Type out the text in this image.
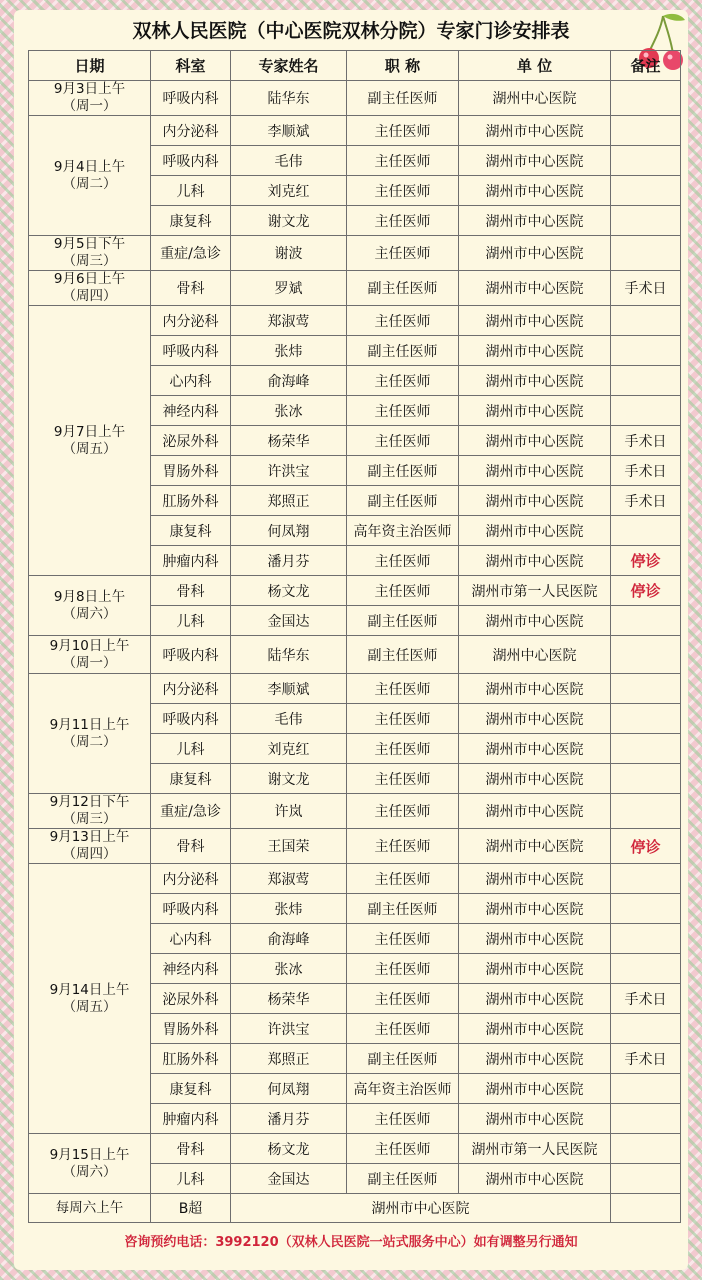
双林人民医院（中心医院双林分院）专家门诊安排表
日期	科室	专家姓名	职 称	单 位	备注

9月3日上午
（周一）	呼吸内科	陆华东	副主任医师	湖州中心医院	

9月4日上午
（周二）	内分泌科	李顺斌	主任医师	湖州市中心医院	
	呼吸内科	毛伟	主任医师	湖州市中心医院	
	儿科	刘克红	主任医师	湖州市中心医院	
	康复科	谢文龙	主任医师	湖州市中心医院	

9月5日下午
（周三）	重症/急诊	谢波	主任医师	湖州市中心医院	

9月6日上午
（周四）	骨科	罗斌	副主任医师	湖州市中心医院	手术日

9月7日上午
（周五）	内分泌科	郑淑莺	主任医师	湖州市中心医院	
	呼吸内科	张炜	副主任医师	湖州市中心医院	
	心内科	俞海峰	主任医师	湖州市中心医院	
	神经内科	张冰	主任医师	湖州市中心医院	
	泌尿外科	杨荣华	主任医师	湖州市中心医院	手术日
	胃肠外科	许洪宝	副主任医师	湖州市中心医院	手术日
	肛肠外科	郑照正	副主任医师	湖州市中心医院	手术日
	康复科	何凤翔	高年资主治医师	湖州市中心医院	
	肿瘤内科	潘月芬	主任医师	湖州市中心医院	停诊

9月8日上午
（周六）	骨科	杨文龙	主任医师	湖州市第一人民医院	停诊
	儿科	金国达	副主任医师	湖州市中心医院	

9月10日上午
（周一）	呼吸内科	陆华东	副主任医师	湖州中心医院	

9月11日上午
（周二）	内分泌科	李顺斌	主任医师	湖州市中心医院	
	呼吸内科	毛伟	主任医师	湖州市中心医院	
	儿科	刘克红	主任医师	湖州市中心医院	
	康复科	谢文龙	主任医师	湖州市中心医院	

9月12日下午
（周三）	重症/急诊	许岚	主任医师	湖州市中心医院	

9月13日上午
（周四）	骨科	王国荣	主任医师	湖州市中心医院	停诊

9月14日上午
（周五）	内分泌科	郑淑莺	主任医师	湖州市中心医院	
	呼吸内科	张炜	副主任医师	湖州市中心医院	
	心内科	俞海峰	主任医师	湖州市中心医院	
	神经内科	张冰	主任医师	湖州市中心医院	
	泌尿外科	杨荣华	主任医师	湖州市中心医院	手术日
	胃肠外科	许洪宝	主任医师	湖州市中心医院	
	肛肠外科	郑照正	副主任医师	湖州市中心医院	手术日
	康复科	何凤翔	高年资主治医师	湖州市中心医院	
	肿瘤内科	潘月芬	主任医师	湖州市中心医院	

9月15日上午
（周六）	骨科	杨文龙	主任医师	湖州市第一人民医院	
	儿科	金国达	副主任医师	湖州市中心医院	
每周六上午	B超	湖州市中心医院			
咨询预约电话：3992120（双林人民医院一站式服务中心）如有调整另行通知
